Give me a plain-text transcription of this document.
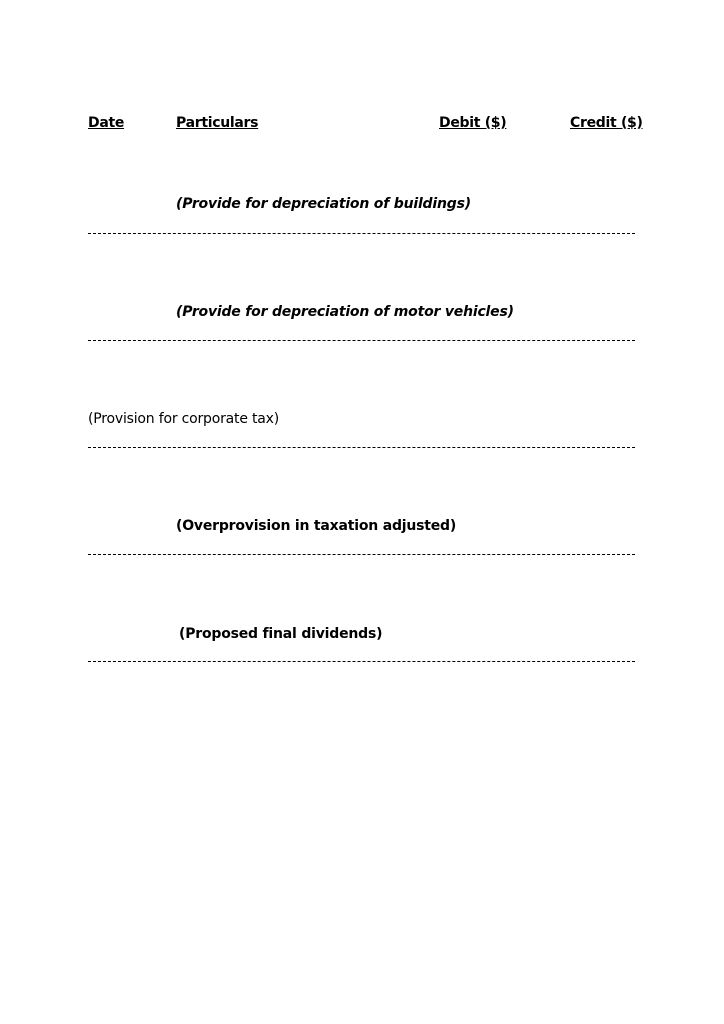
Date	Particulars	Debit ($)	Credit ($)
(Provide for depreciation of buildings)
(Provide for depreciation of motor vehicles)
(Provision for corporate tax)
(Overprovision in taxation adjusted)
(Proposed final dividends)
